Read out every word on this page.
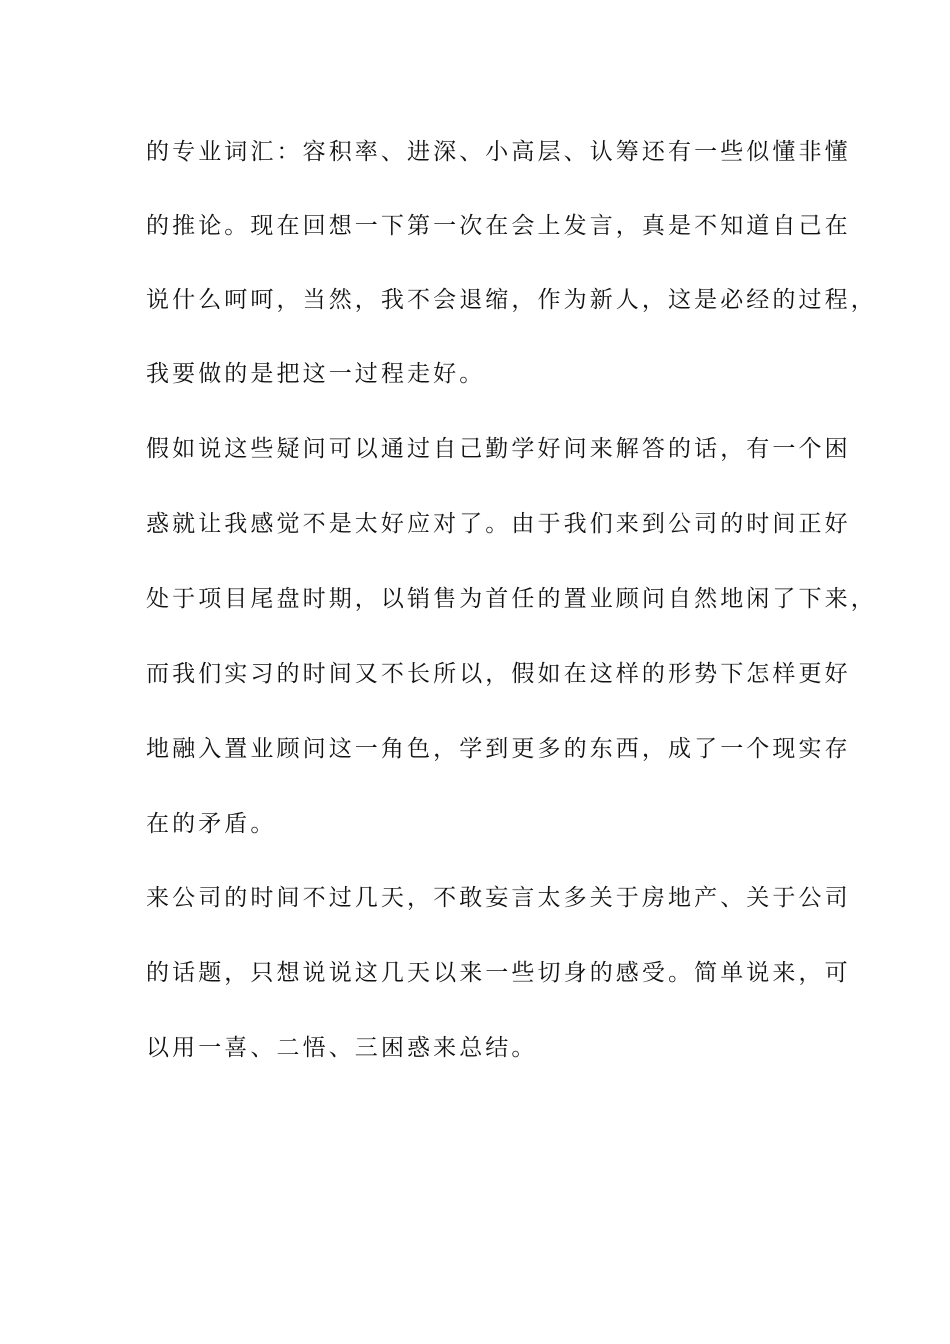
的专业词汇：容积率、进深、小高层、认筹还有一些似懂非懂
的推论。现在回想一下第一次在会上发言，真是不知道自己在
说什么呵呵，当然，我不会退缩，作为新人，这是必经的过程，
我要做的是把这一过程走好。
假如说这些疑问可以通过自己勤学好问来解答的话，有一个困
惑就让我感觉不是太好应对了。由于我们来到公司的时间正好
处于项目尾盘时期，以销售为首任的置业顾问自然地闲了下来，
而我们实习的时间又不长所以，假如在这样的形势下怎样更好
地融入置业顾问这一角色，学到更多的东西，成了一个现实存
在的矛盾。
来公司的时间不过几天，不敢妄言太多关于房地产、关于公司
的话题，只想说说这几天以来一些切身的感受。简单说来，可
以用一喜、二悟、三困惑来总结。
